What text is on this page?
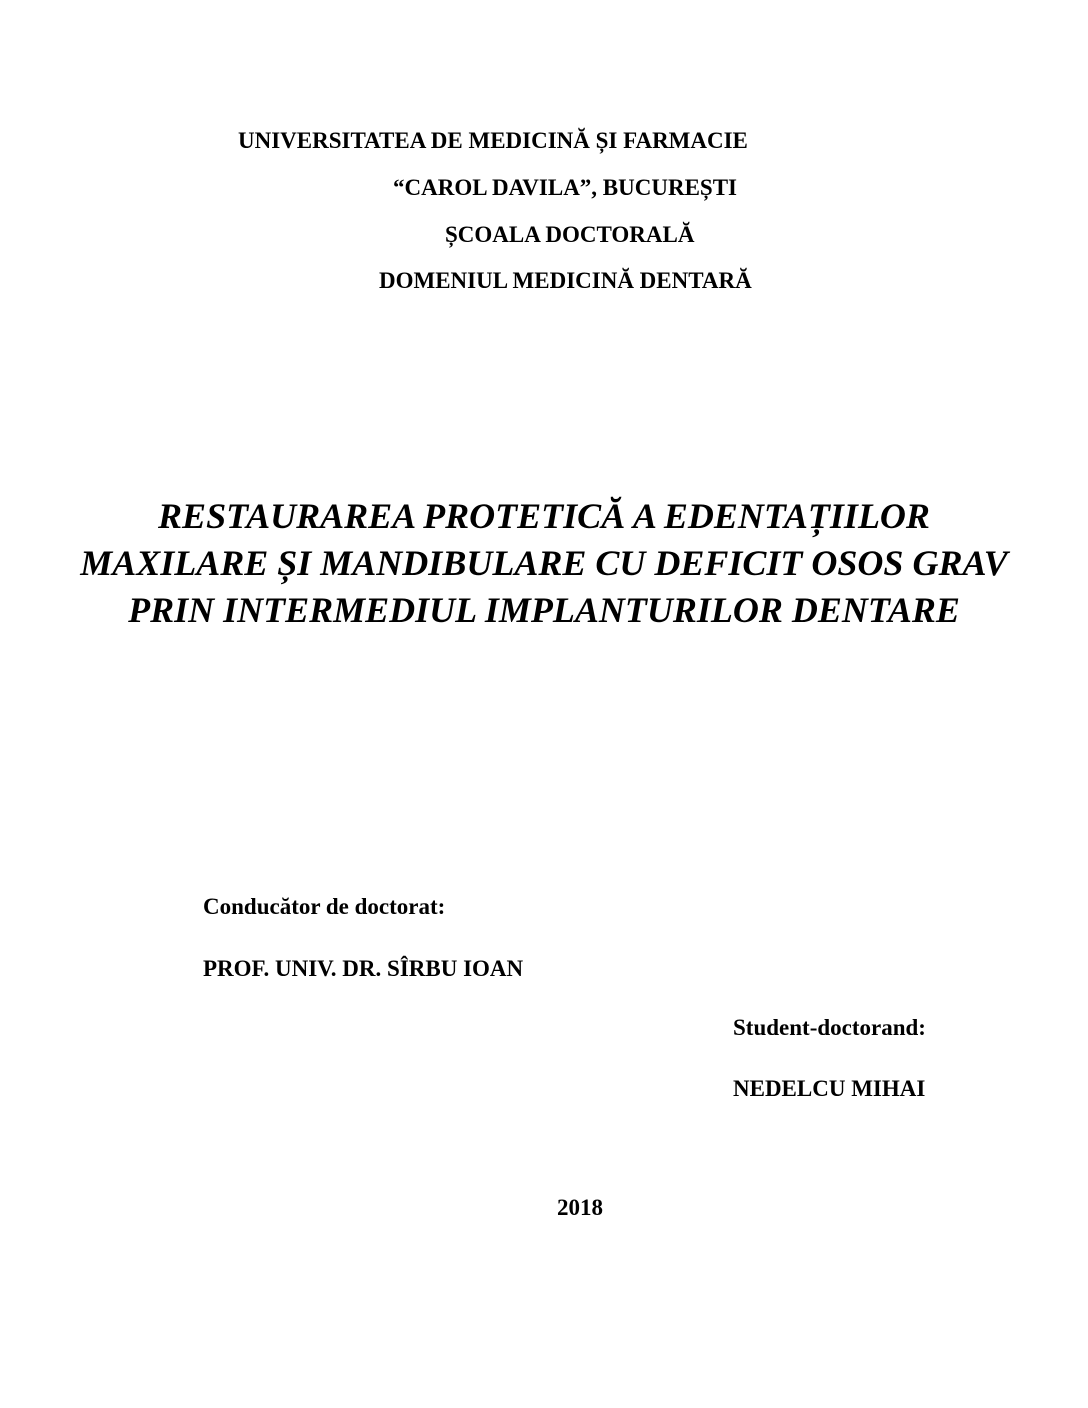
UNIVERSITATEA DE MEDICINĂ ȘI FARMACIE
“CAROL DAVILA”, BUCUREȘTI
ȘCOALA DOCTORALĂ
DOMENIUL MEDICINĂ DENTARĂ
RESTAURAREA PROTETICĂ A EDENTAȚIILOR
MAXILARE ȘI MANDIBULARE CU DEFICIT OSOS GRAV
PRIN INTERMEDIUL IMPLANTURILOR DENTARE
Conducător de doctorat:
PROF. UNIV. DR. SÎRBU IOAN
Student-doctorand:
NEDELCU MIHAI
2018
